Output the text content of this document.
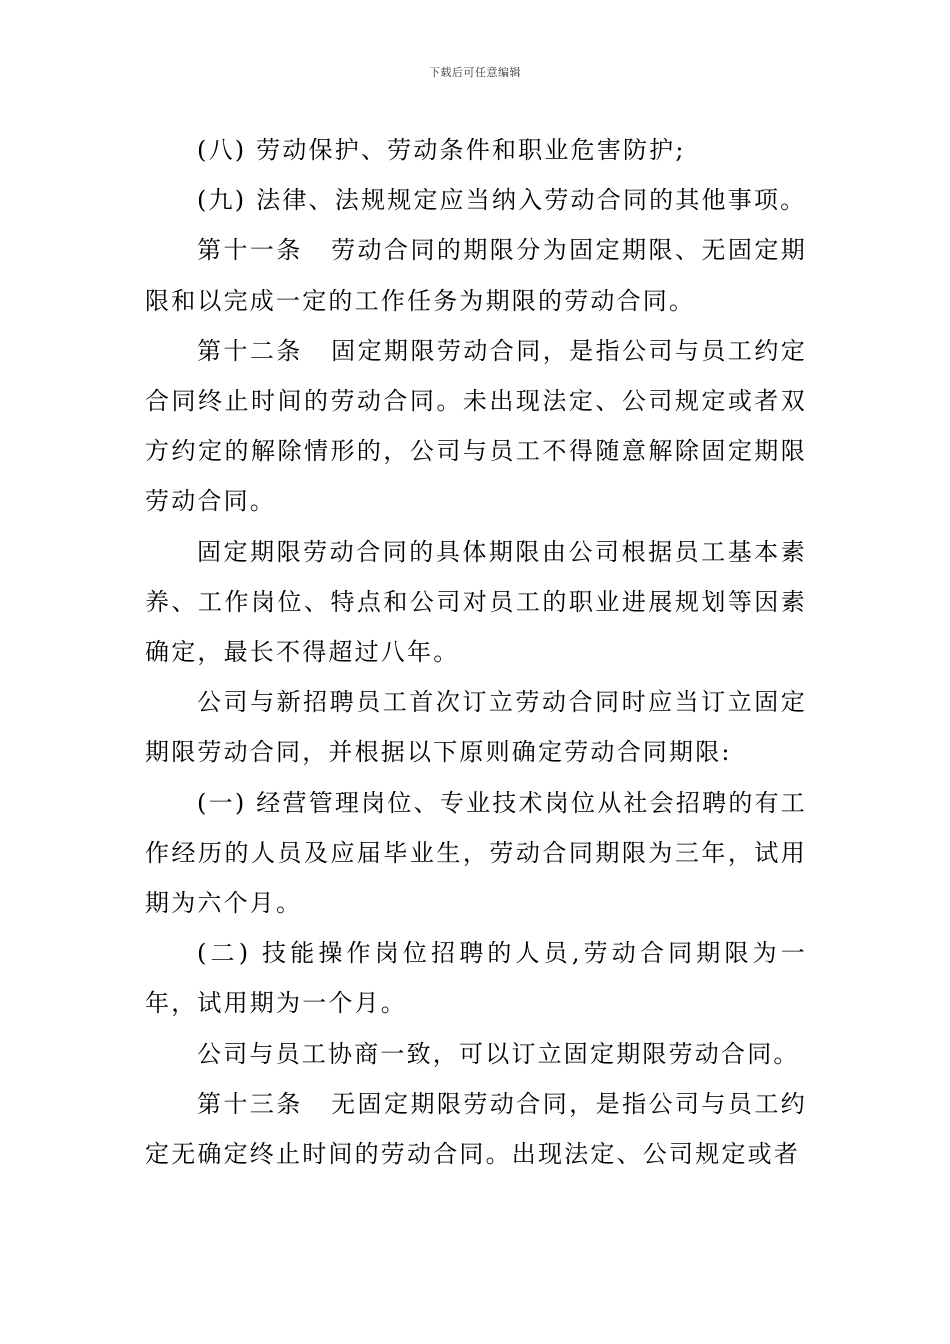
下载后可任意编辑

(八) 劳动保护、劳动条件和职业危害防护;

(九) 法律、法规规定应当纳入劳动合同的其他事项。

第十一条 劳动合同的期限分为固定期限、无固定期限和以完成一定的工作任务为期限的劳动合同。

第十二条 固定期限劳动合同，是指公司与员工约定合同终止时间的劳动合同。未出现法定、公司规定或者双方约定的解除情形的，公司与员工不得随意解除固定期限劳动合同。

固定期限劳动合同的具体期限由公司根据员工基本素养、工作岗位、特点和公司对员工的职业进展规划等因素确定，最长不得超过八年。

公司与新招聘员工首次订立劳动合同时应当订立固定期限劳动合同，并根据以下原则确定劳动合同期限:

(一) 经营管理岗位、专业技术岗位从社会招聘的有工作经历的人员及应届毕业生，劳动合同期限为三年，试用期为六个月。

(二) 技能操作岗位招聘的人员,劳动合同期限为一年，试用期为一个月。

公司与员工协商一致，可以订立固定期限劳动合同。

第十三条 无固定期限劳动合同，是指公司与员工约定无确定终止时间的劳动合同。出现法定、公司规定或者
